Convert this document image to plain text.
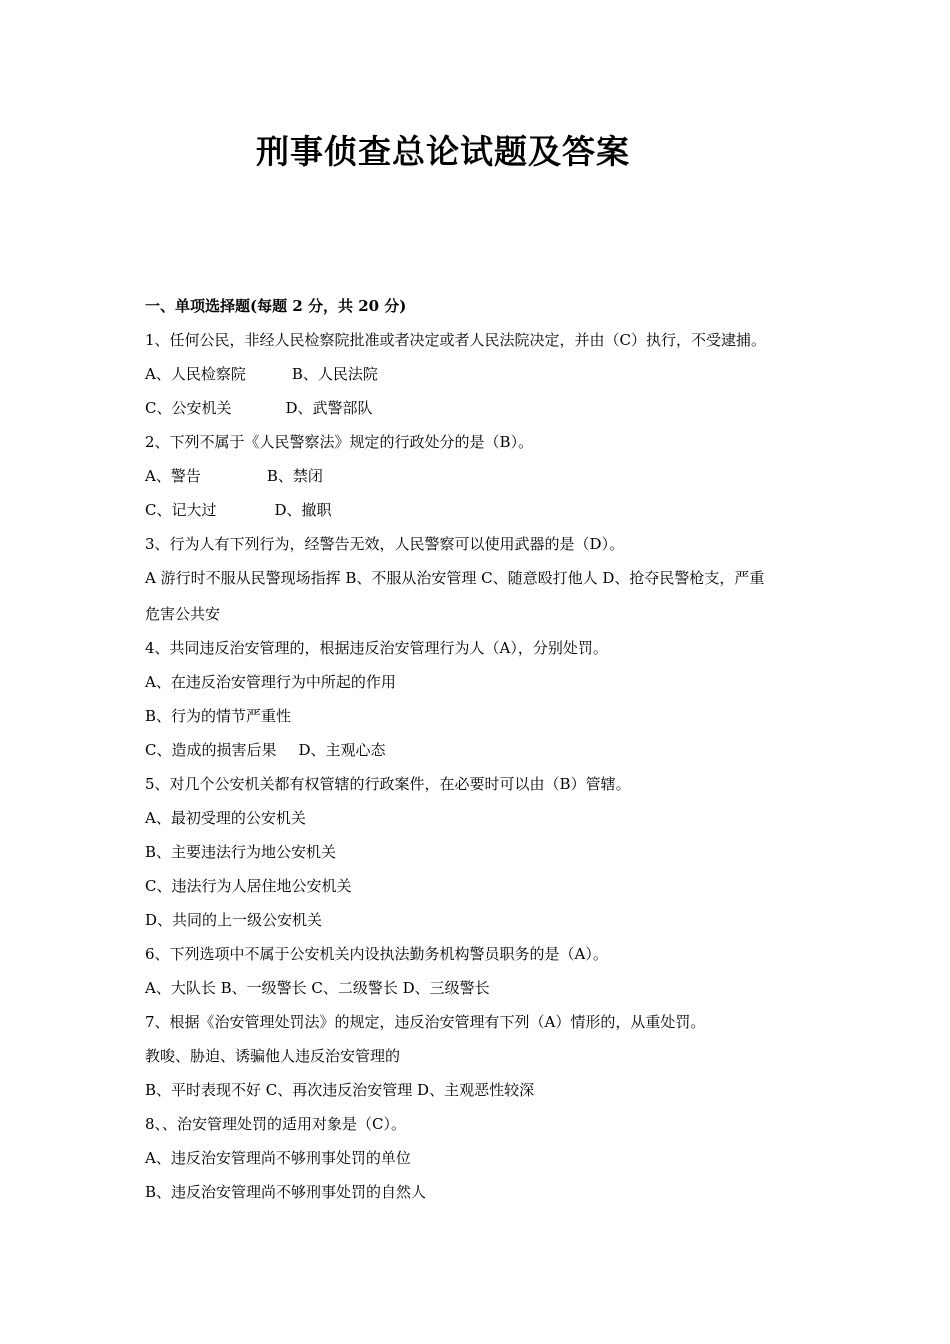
刑事侦查总论试题及答案
一、单项选择题(每题 2 分，共 20 分)
1、任何公民，非经人民检察院批准或者决定或者人民法院决定，并由（C）执行，不受逮捕。
A、人民检察院	B、人民法院
C、公安机关	D、武警部队
2、下列不属于《人民警察法》规定的行政处分的是（B）。
A、警告	B、禁闭
C、记大过	D、撤职
3、行为人有下列行为，经警告无效，人民警察可以使用武器的是（D）。
A 游行时不服从民警现场指挥 B、不服从治安管理 C、随意殴打他人 D、抢夺民警枪支，严重
危害公共安
4、共同违反治安管理的，根据违反治安管理行为人（A），分别处罚。
A、在违反治安管理行为中所起的作用
B、行为的情节严重性
C、造成的损害后果 D、主观心态
5、对几个公安机关都有权管辖的行政案件，在必要时可以由（B）管辖。
A、最初受理的公安机关
B、主要违法行为地公安机关
C、违法行为人居住地公安机关
D、共同的上一级公安机关
6、下列选项中不属于公安机关内设执法勤务机构警员职务的是（A）。
A、大队长 B、一级警长 C、二级警长 D、三级警长
7、根据《治安管理处罚法》的规定，违反治安管理有下列（A）情形的，从重处罚。
教唆、胁迫、诱骗他人违反治安管理的
B、平时表现不好 C、再次违反治安管理 D、主观恶性较深
8、、治安管理处罚的适用对象是（C）。
A、违反治安管理尚不够刑事处罚的单位
B、违反治安管理尚不够刑事处罚的自然人
